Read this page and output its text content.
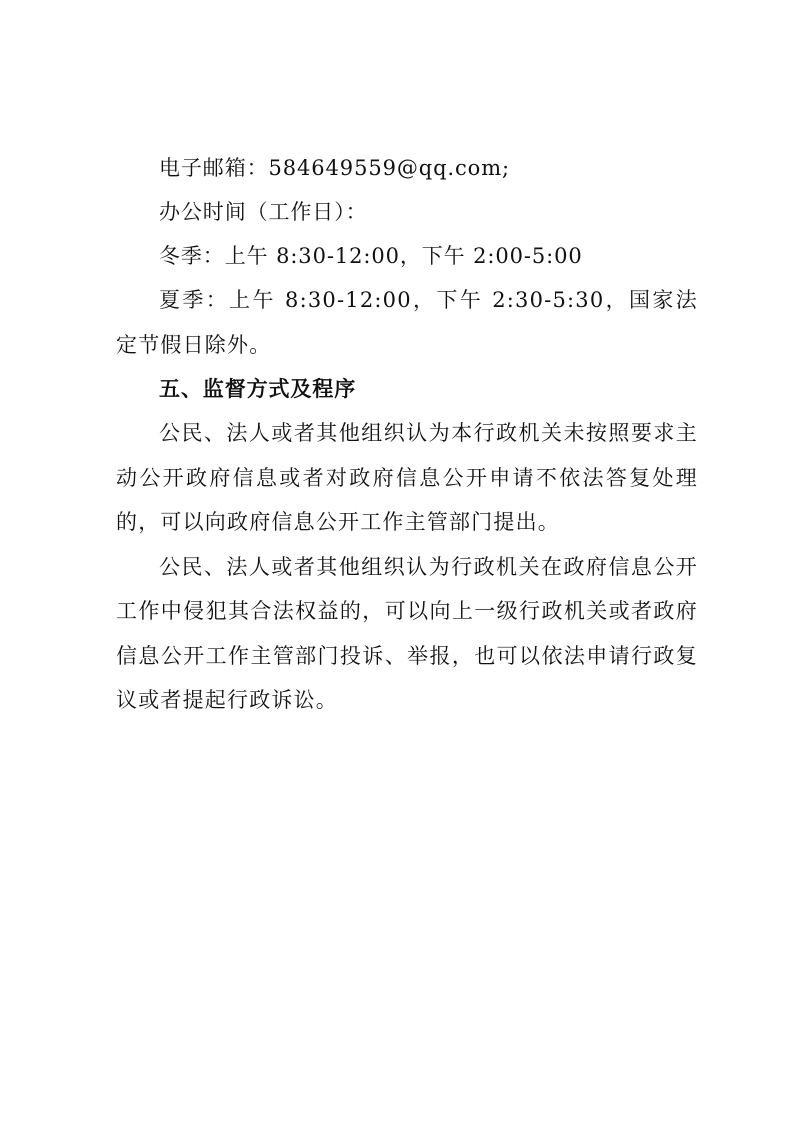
电子邮箱：584649559@qq.com;
办公时间（工作日）：
冬季：上午 8:30-12:00，下午 2:00-5:00

夏季：上午 8:30-12:00，下午 2:30-5:30，国家法定节假日除外。

五、监督方式及程序

公民、法人或者其他组织认为本行政机关未按照要求主动公开政府信息或者对政府信息公开申请不依法答复处理的，可以向政府信息公开工作主管部门提出。

公民、法人或者其他组织认为行政机关在政府信息公开工作中侵犯其合法权益的，可以向上一级行政机关或者政府信息公开工作主管部门投诉、举报，也可以依法申请行政复议或者提起行政诉讼。
